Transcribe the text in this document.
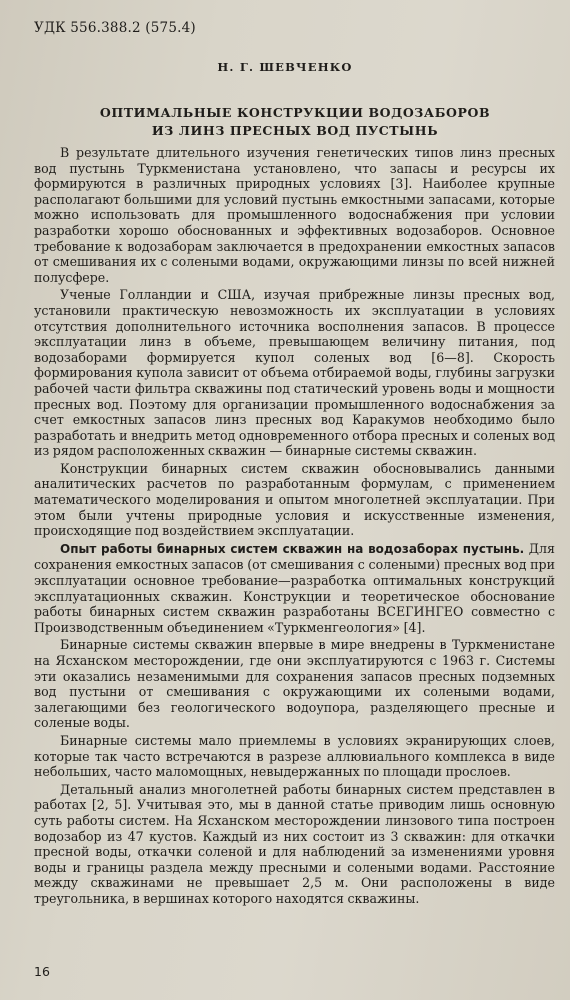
УДК 556.388.2 (575.4)
Н. Г. ШЕВЧЕНКО
ОПТИМАЛЬНЫЕ КОНСТРУКЦИИ ВОДОЗАБОРОВ
ИЗ ЛИНЗ ПРЕСНЫХ ВОД ПУСТЫНЬ

В результате длительного изучения генетических типов линз пресных вод пустынь Туркменистана установлено, что запасы и ресурсы их формируются в различных природных условиях [3]. Наиболее крупные располагают большими для условий пустынь емкостными запасами, которые можно использовать для промышленного водоснабжения при условии разработки хорошо обоснованных и эффективных водозаборов. Основное требование к водозаборам заключается в предохранении емкостных запасов от смешивания их с солеными водами, окружающими линзы по всей нижней полусфере.

Ученые Голландии и США, изучая прибрежные линзы пресных вод, установили практическую невозможность их эксплуатации в условиях отсутствия дополнительного источника восполнения запасов. В процессе эксплуатации линз в объеме, превышающем величину питания, под водозаборами формируется купол соленых вод [6—8]. Скорость формирования купола зависит от объема отбираемой воды, глубины загрузки рабочей части фильтра скважины под статический уровень воды и мощности пресных вод. Поэтому для организации промышленного водоснабжения за счет емкостных запасов линз пресных вод Каракумов необходимо было разработать и внедрить метод одновременного отбора пресных и соленых вод из рядом расположенных скважин — бинарные системы скважин.

Конструкции бинарных систем скважин обосновывались данными аналитических расчетов по разработанным формулам, с применением математического моделирования и опытом многолетней эксплуатации. При этом были учтены природные условия и искусственные изменения, происходящие под воздействием эксплуатации.

Опыт работы бинарных систем скважин на водозаборах пустынь. Для сохранения емкостных запасов (от смешивания с солеными) пресных вод при эксплуатации основное требование—разработка оптимальных конструкций эксплуатационных скважин. Конструкции и теоретическое обоснование работы бинарных систем скважин разработаны ВСЕГИНГЕО совместно с Производственным объединением «Туркменгеология» [4].

Бинарные системы скважин впервые в мире внедрены в Туркменистане на Ясханском месторождении, где они эксплуатируются с 1963 г. Системы эти оказались незаменимыми для сохранения запасов пресных подземных вод пустыни от смешивания с окружающими их солеными водами, залегающими без геологического водоупора, разделяющего пресные и соленые воды.

Бинарные системы мало приемлемы в условиях экранирующих слоев, которые так часто встречаются в разрезе аллювиального комплекса в виде небольших, часто маломощных, невыдержанных по площади прослоев.

Детальный анализ многолетней работы бинарных систем представлен в работах [2, 5]. Учитывая это, мы в данной статье приводим лишь основную суть работы систем. На Ясханском месторождении линзового типа построен водозабор из 47 кустов. Каждый из них состоит из 3 скважин: для откачки пресной воды, откачки соленой и для наблюдений за изменениями уровня воды и границы раздела между пресными и солеными водами. Расстояние между скважинами не превышает 2,5 м. Они расположены в виде треугольника, в вершинах которого находятся скважины.

16
